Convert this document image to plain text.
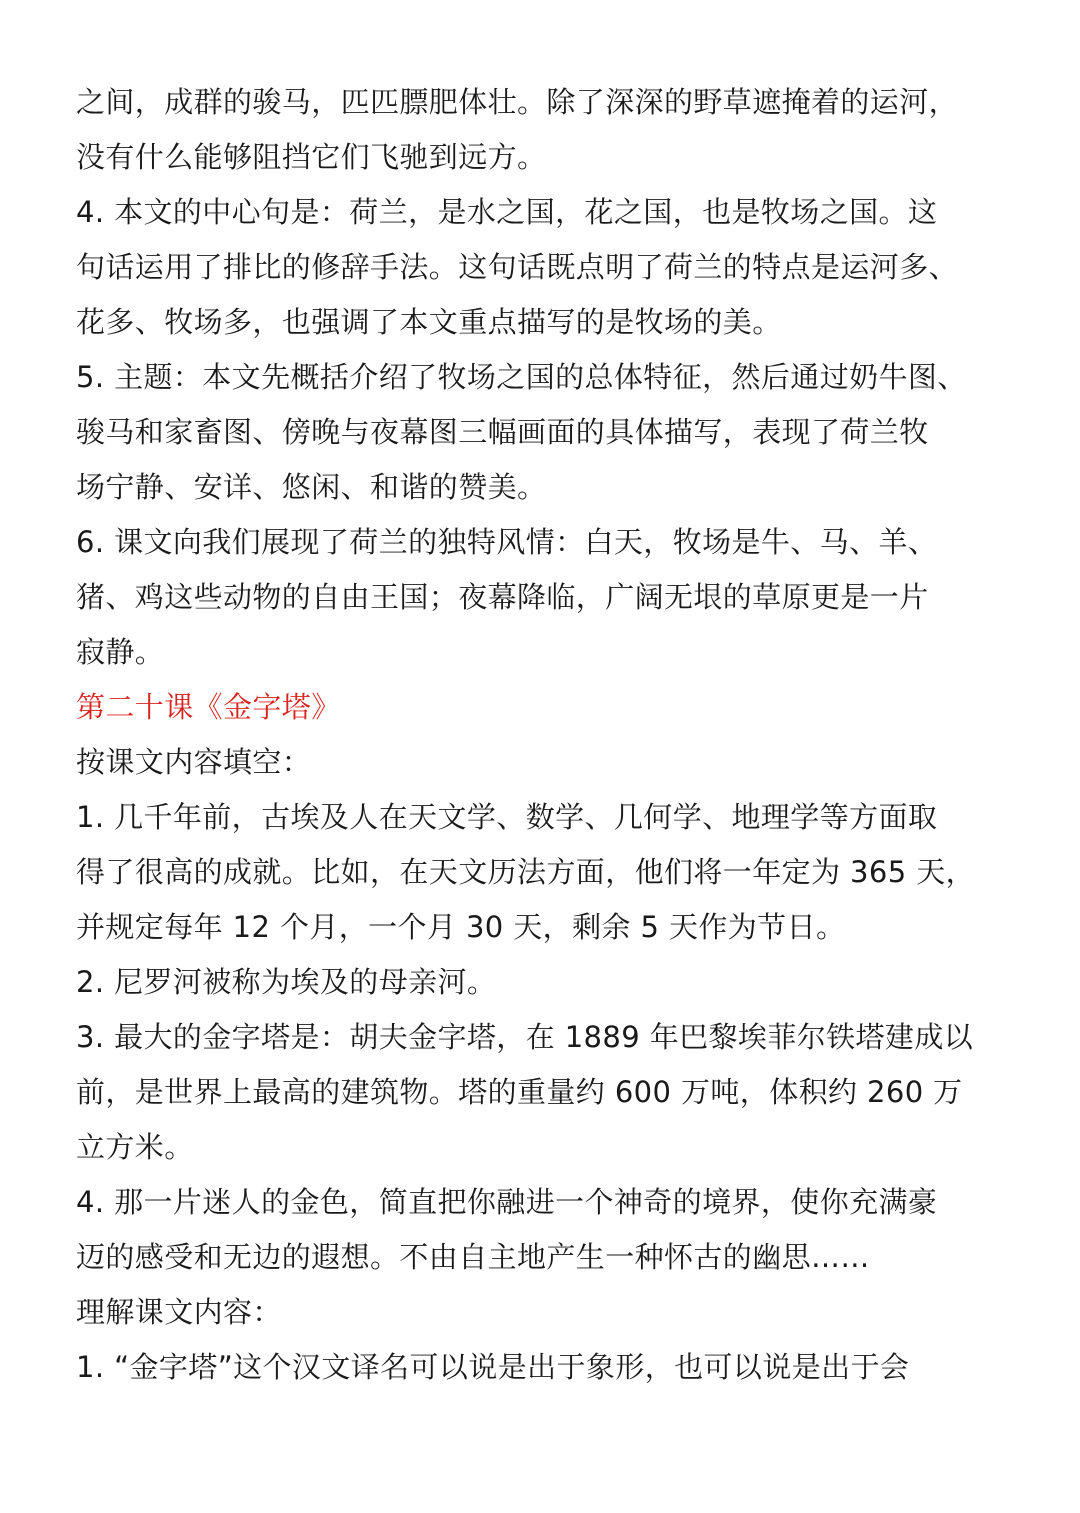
之间，成群的骏马，匹匹膘肥体壮。除了深深的野草遮掩着的运河，
没有什么能够阻挡它们飞驰到远方。
4. 本文的中心句是：荷兰，是水之国，花之国，也是牧场之国。这
句话运用了排比的修辞手法。这句话既点明了荷兰的特点是运河多、
花多、牧场多，也强调了本文重点描写的是牧场的美。
5. 主题：本文先概括介绍了牧场之国的总体特征，然后通过奶牛图、
骏马和家畜图、傍晚与夜幕图三幅画面的具体描写，表现了荷兰牧
场宁静、安详、悠闲、和谐的赞美。
6. 课文向我们展现了荷兰的独特风情：白天，牧场是牛、马、羊、
猪、鸡这些动物的自由王国；夜幕降临，广阔无垠的草原更是一片
寂静。
第二十课《金字塔》
按课文内容填空：
1. 几千年前，古埃及人在天文学、数学、几何学、地理学等方面取
得了很高的成就。比如，在天文历法方面，他们将一年定为 365 天，
并规定每年 12 个月，一个月 30 天，剩余 5 天作为节日。
2. 尼罗河被称为埃及的母亲河。
3. 最大的金字塔是：胡夫金字塔，在 1889 年巴黎埃菲尔铁塔建成以
前，是世界上最高的建筑物。塔的重量约 600 万吨，体积约 260 万
立方米。
4. 那一片迷人的金色，简直把你融进一个神奇的境界，使你充满豪
迈的感受和无边的遐想。不由自主地产生一种怀古的幽思……
理解课文内容：
1. “金字塔”这个汉文译名可以说是出于象形，也可以说是出于会
